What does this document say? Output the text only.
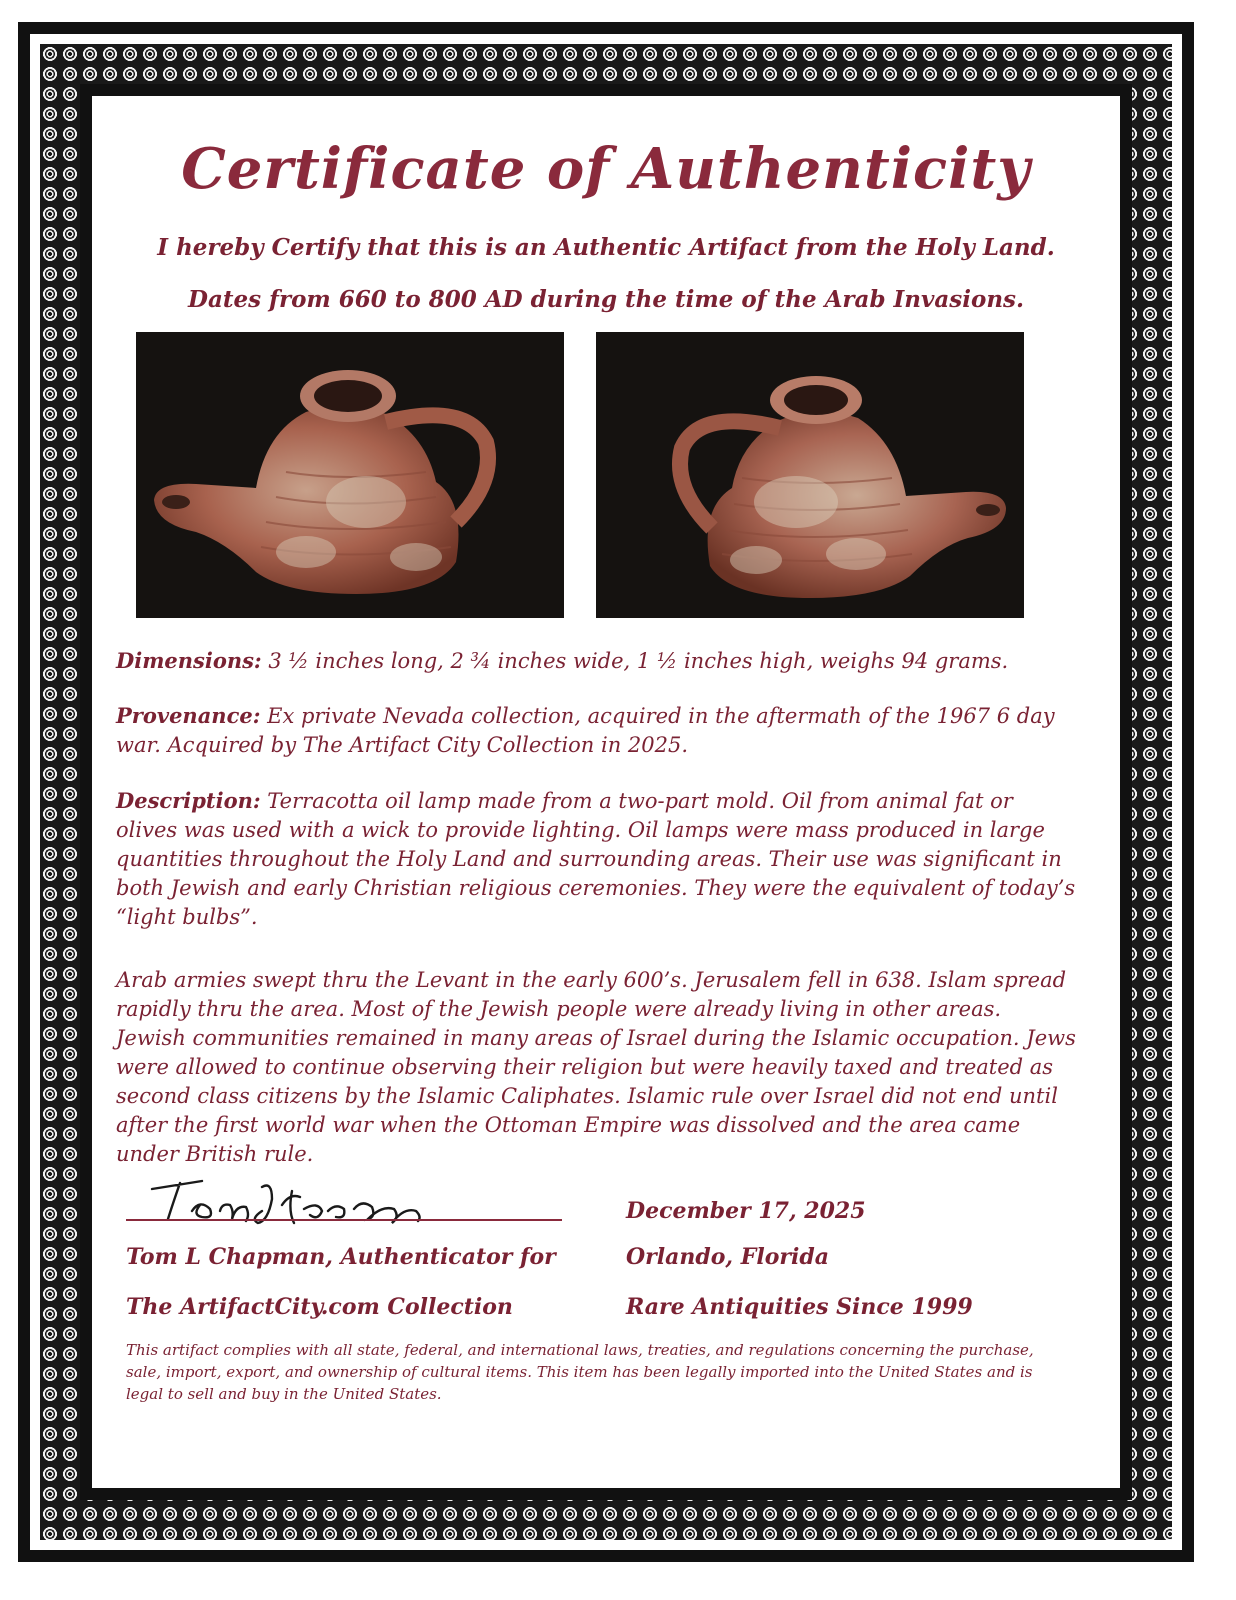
Certificate of Authenticity
I hereby Certify that this is an Authentic Artifact from the Holy Land.
Dates from 660 to 800 AD during the time of the Arab Invasions.
Dimensions: 3 ½ inches long, 2 ¾ inches wide, 1 ½ inches high, weighs 94 grams.
Provenance: Ex private Nevada collection, acquired in the aftermath of the 1967 6 day war. Acquired by The Artifact City Collection in 2025.
Description: Terracotta oil lamp made from a two-part mold. Oil from animal fat or olives was used with a wick to provide lighting. Oil lamps were mass produced in large quantities throughout the Holy Land and surrounding areas. Their use was significant in both Jewish and early Christian religious ceremonies. They were the equivalent of today’s “light bulbs”.
Arab armies swept thru the Levant in the early 600’s. Jerusalem fell in 638. Islam spread rapidly thru the area. Most of the Jewish people were already living in other areas. Jewish communities remained in many areas of Israel during the Islamic occupation. Jews were allowed to continue observing their religion but were heavily taxed and treated as second class citizens by the Islamic Caliphates. Islamic rule over Israel did not end until after the first world war when the Ottoman Empire was dissolved and the area came under British rule.
Tom L Chapman, Authenticator for
The ArtifactCity.com Collection
December 17, 2025
Orlando, Florida
Rare Antiquities Since 1999
This artifact complies with all state, federal, and international laws, treaties, and regulations concerning the purchase, sale, import, export, and ownership of cultural items. This item has been legally imported into the United States and is legal to sell and buy in the United States.
